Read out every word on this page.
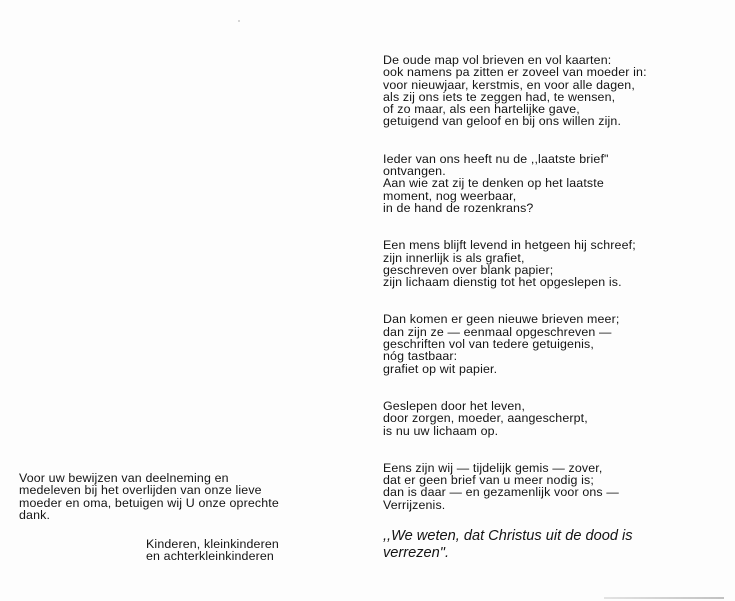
De oude map vol brieven en vol kaarten:
ook namens pa zitten er zoveel van moeder in:
voor nieuwjaar, kerstmis, en voor alle dagen,
als zij ons iets te zeggen had, te wensen,
of zo maar, als een hartelijke gave,
getuigend van geloof en bij ons willen zijn.
Ieder van ons heeft nu de ,,laatste brief"
ontvangen.
Aan wie zat zij te denken op het laatste
moment, nog weerbaar,
in de hand de rozenkrans?
Een mens blijft levend in hetgeen hij schreef;
zijn innerlijk is als grafiet,
geschreven over blank papier;
zijn lichaam dienstig tot het opgeslepen is.
Dan komen er geen nieuwe brieven meer;
dan zijn ze — eenmaal opgeschreven —
geschriften vol van tedere getuigenis,
nóg tastbaar:
grafiet op wit papier.
Geslepen door het leven,
door zorgen, moeder, aangescherpt,
is nu uw lichaam op.
Eens zijn wij — tijdelijk gemis — zover,
dat er geen brief van u meer nodig is;
dan is daar — en gezamenlijk voor ons —
Verrijzenis.
,,We weten, dat Christus uit de dood is
verrezen".
Voor uw bewijzen van deelneming en
medeleven bij het overlijden van onze lieve
moeder en oma, betuigen wij U onze oprechte
dank.
Kinderen, kleinkinderen
en achterkleinkinderen
